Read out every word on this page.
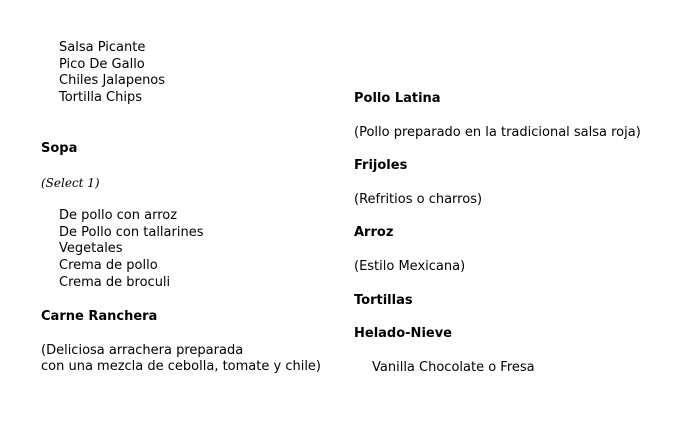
Salsa Picante
Pico De Gallo
Chiles Jalapenos
Tortilla Chips
Sopa
(Select 1)
De pollo con arroz
De Pollo con tallarines
Vegetales
Crema de pollo
Crema de broculi
Carne Ranchera
(Deliciosa arrachera preparada
con una mezcla de cebolla, tomate y chile)
Pollo Latina
(Pollo preparado en la tradicional salsa roja)
Frijoles
(Refritios o charros)
Arroz
(Estilo Mexicana)
Tortillas
Helado-Nieve
Vanilla Chocolate o Fresa
